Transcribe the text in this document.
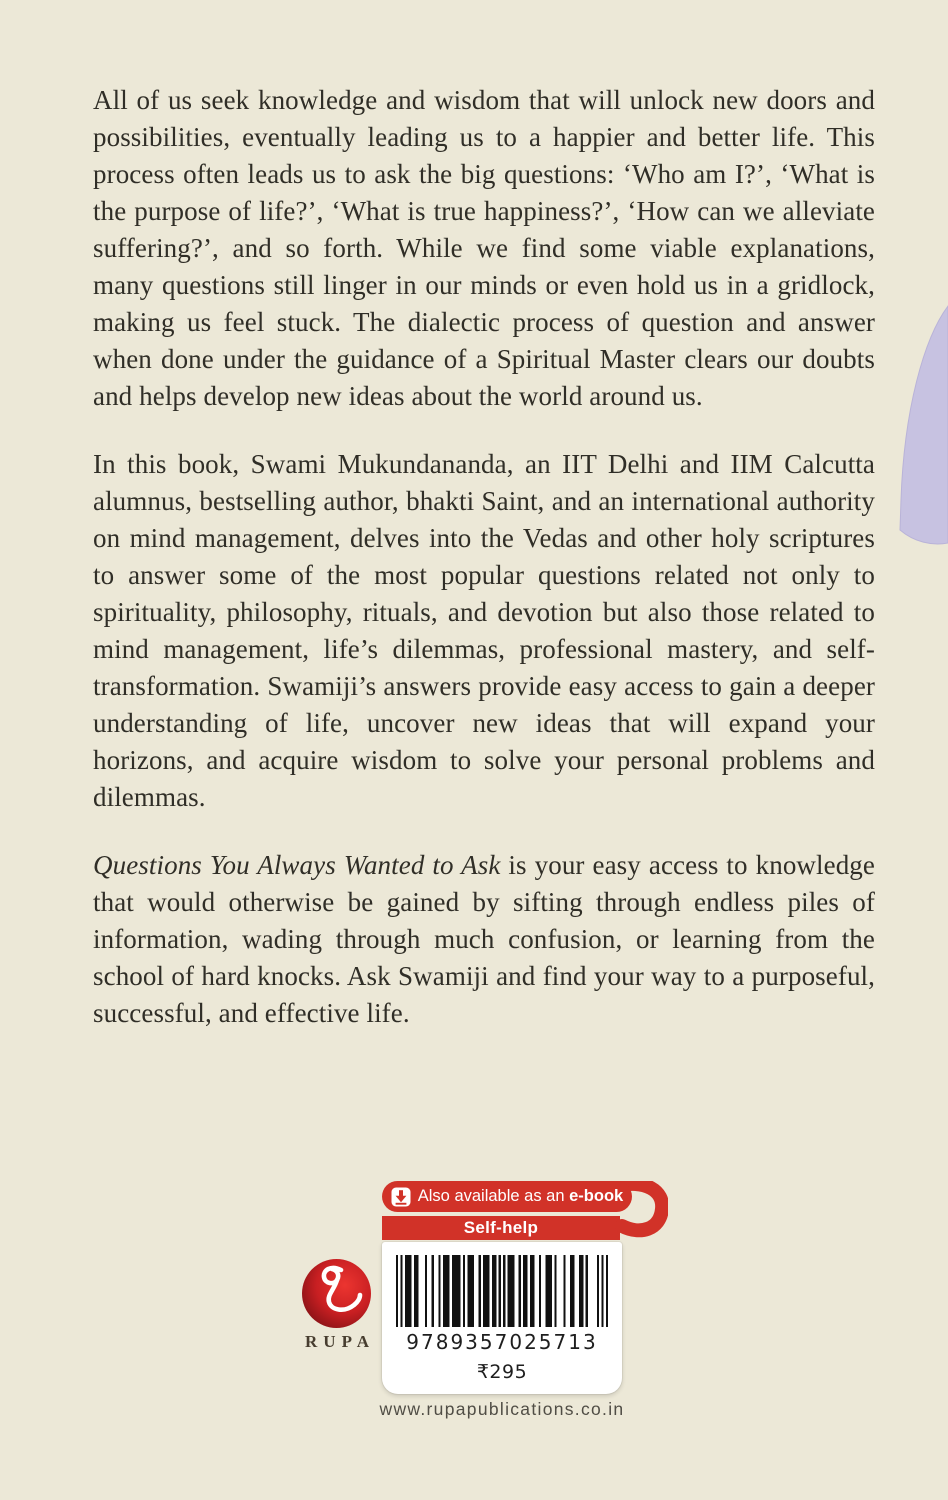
All of us seek knowledge and wisdom that will unlock new doors and possibilities, eventually leading us to a happier and better life. This process often leads us to ask the big questions: ‘Who am I?’, ‘What is the purpose of life?’, ‘What is true happiness?’, ‘How can we alleviate suffering?’, and so forth. While we find some viable explanations, many questions still linger in our minds or even hold us in a gridlock, making us feel stuck. The dialectic process of question and answer when done under the guidance of a Spiritual Master clears our doubts and helps develop new ideas about the world around us.

In this book, Swami Mukundananda, an IIT Delhi and IIM Calcutta alumnus, bestselling author, bhakti Saint, and an international authority on mind management, delves into the Vedas and other holy scriptures to answer some of the most popular questions related not only to spirituality, philosophy, rituals, and devotion but also those related to mind management, life’s dilemmas, professional mastery, and self-transformation. Swamiji’s answers provide easy access to gain a deeper understanding of life, uncover new ideas that will expand your horizons, and acquire wisdom to solve your personal problems and dilemmas.

Questions You Always Wanted to Ask is your easy access to knowledge that would otherwise be gained by sifting through endless piles of information, wading through much confusion, or learning from the school of hard knocks. Ask Swamiji and find your way to a purposeful, successful, and effective life.

Also available as an e-book
Self-help
9789357025713
₹295
RUPA
www.rupapublications.co.in
